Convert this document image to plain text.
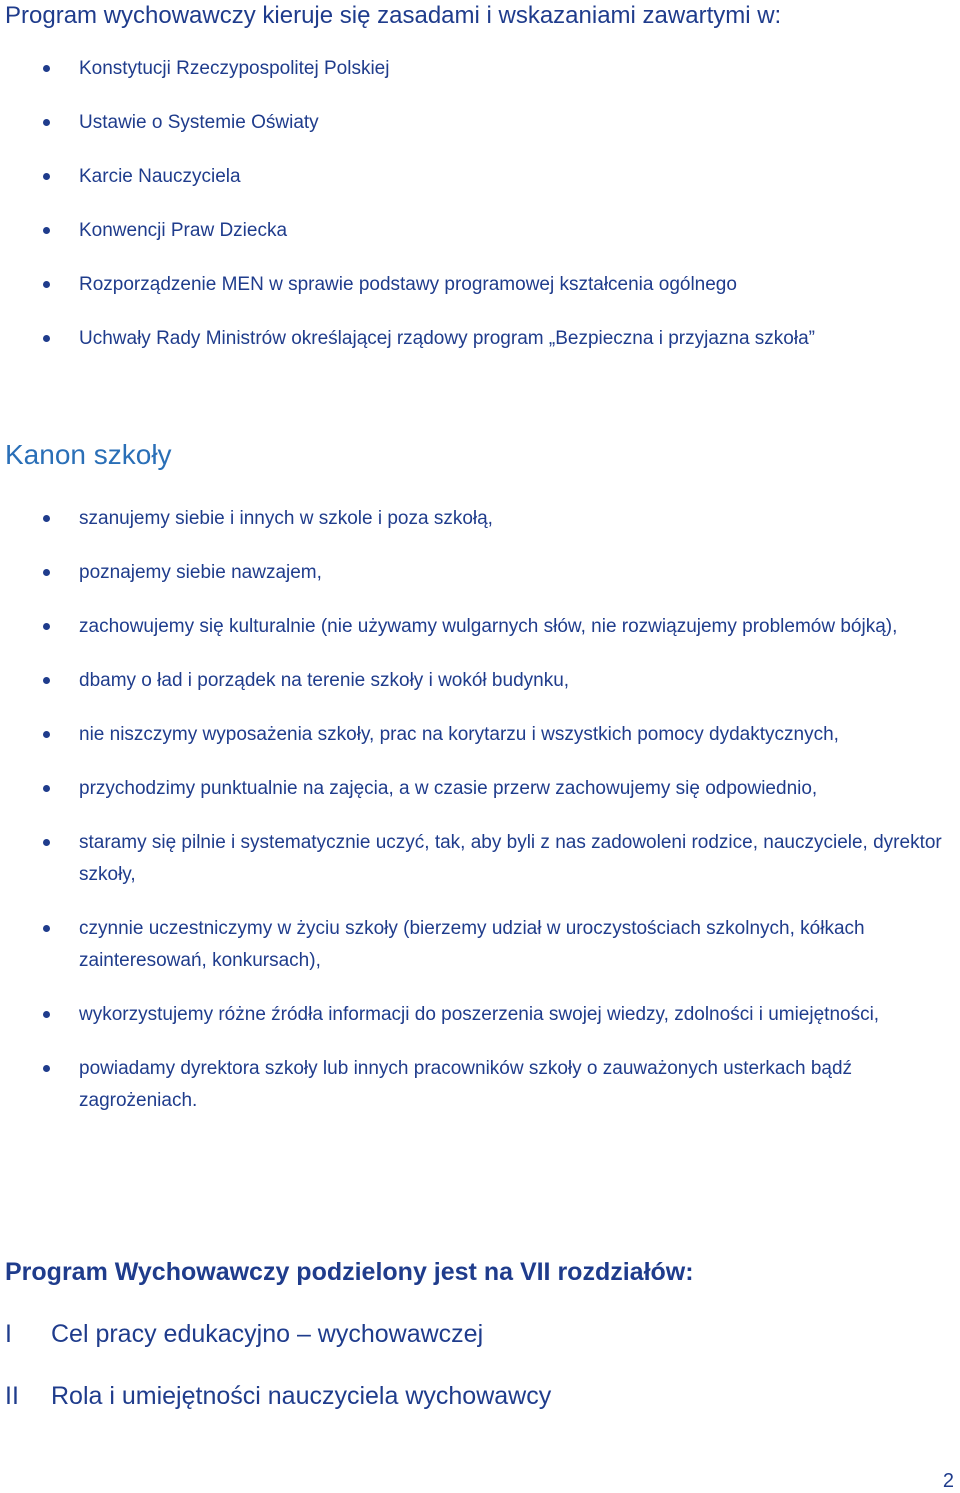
Program wychowawczy kieruje się zasadami i wskazaniami zawartymi w:

Konstytucji Rzeczypospolitej Polskiej
Ustawie o Systemie Oświaty
Karcie Nauczyciela
Konwencji Praw Dziecka
Rozporządzenie MEN w sprawie podstawy programowej kształcenia ogólnego
Uchwały Rady Ministrów określającej rządowy program „Bezpieczna i przyjazna szkoła”
Kanon szkoły
szanujemy siebie i innych w szkole i poza szkołą,
poznajemy siebie nawzajem,
zachowujemy się kulturalnie (nie używamy wulgarnych słów, nie rozwiązujemy problemów bójką),
dbamy o ład i porządek na terenie szkoły i wokół budynku,
nie niszczymy wyposażenia szkoły, prac na korytarzu i wszystkich pomocy dydaktycznych,
przychodzimy punktualnie na zajęcia, a w czasie przerw zachowujemy się odpowiednio,
staramy się pilnie i systematycznie uczyć, tak, aby byli z nas zadowoleni rodzice, nauczyciele, dyrektor szkoły,
czynnie uczestniczymy w życiu szkoły (bierzemy udział w uroczystościach szkolnych, kółkach zainteresowań, konkursach),
wykorzystujemy różne źródła informacji do poszerzenia swojej wiedzy, zdolności i umiejętności,
powiadamy dyrektora szkoły lub innych pracowników szkoły o zauważonych usterkach bądź zagrożeniach.
Program Wychowawczy podzielony jest na VII rozdziałów:
I Cel pracy edukacyjno – wychowawczej
II Rola i umiejętności nauczyciela wychowawcy
2
